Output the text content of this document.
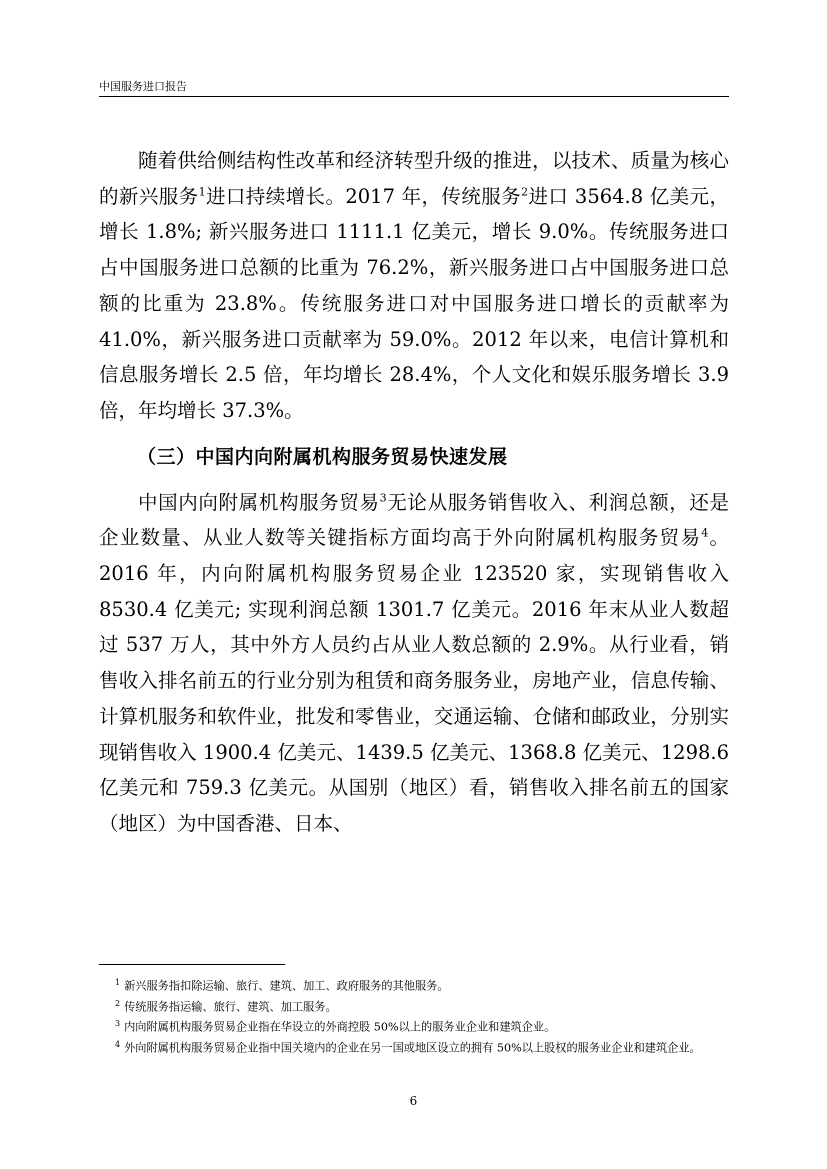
中国服务进口报告

随着供给侧结构性改革和经济转型升级的推进，以技术、质量为核心的新兴服务$^1$进口持续增长。2017 年，传统服务$^2$进口 3564.8 亿美元，增长 1.8%; 新兴服务进口 1111.1 亿美元，增长 9.0%。传统服务进口占中国服务进口总额的比重为 76.2%，新兴服务进口占中国服务进口总额的比重为 23.8%。传统服务进口对中国服务进口增长的贡献率为 41.0%，新兴服务进口贡献率为 59.0%。2012 年以来，电信计算机和信息服务增长 2.5 倍，年均增长 28.4%，个人文化和娱乐服务增长 3.9 倍，年均增长 37.3%。

（三）中国内向附属机构服务贸易快速发展

中国内向附属机构服务贸易$^3$无论从服务销售收入、利润总额，还是企业数量、从业人数等关键指标方面均高于外向附属机构服务贸易$^4$。2016 年，内向附属机构服务贸易企业 123520 家，实现销售收入 8530.4 亿美元; 实现利润总额 1301.7 亿美元。2016 年末从业人数超过 537 万人，其中外方人员约占从业人数总额的 2.9%。从行业看，销售收入排名前五的行业分别为租赁和商务服务业，房地产业，信息传输、计算机服务和软件业，批发和零售业，交通运输、仓储和邮政业，分别实现销售收入 1900.4 亿美元、1439.5 亿美元、1368.8 亿美元、1298.6 亿美元和 759.3 亿美元。从国别（地区）看，销售收入排名前五的国家（地区）为中国香港、日本、

$^1$ 新兴服务指扣除运输、旅行、建筑、加工、政府服务的其他服务。

$^2$ 传统服务指运输、旅行、建筑、加工服务。

$^3$ 内向附属机构服务贸易企业指在华设立的外商控股 50%以上的服务业企业和建筑企业。

$^4$ 外向附属机构服务贸易企业指中国关境内的企业在另一国或地区设立的拥有 50%以上股权的服务业企业和建筑企业。

6
